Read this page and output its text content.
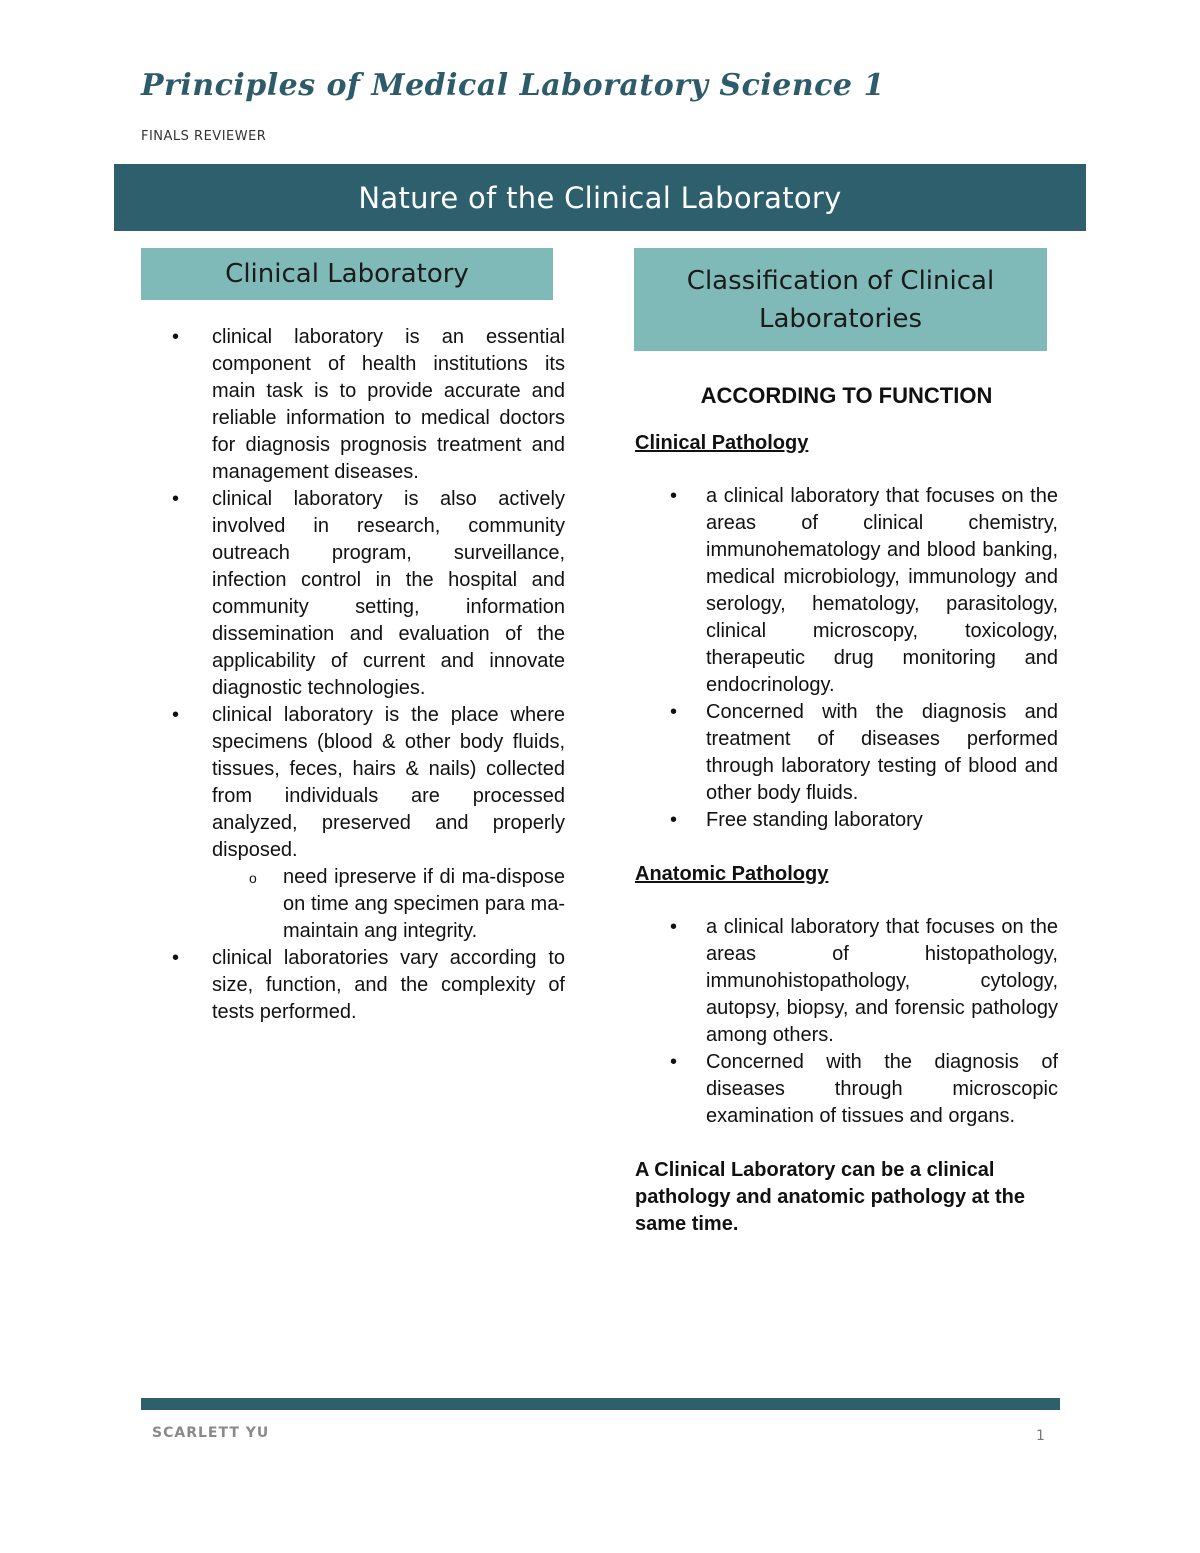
Principles of Medical Laboratory Science 1
FINALS REVIEWER
Nature of the Clinical Laboratory
Clinical Laboratory	Classification of Clinical Laboratories
• clinical laboratory is an essential component of health institutions its main task is to provide accurate and reliable information to medical doctors for diagnosis prognosis treatment and management diseases.
• clinical laboratory is also actively involved in research, community outreach program, surveillance, infection control in the hospital and community setting, information dissemination and evaluation of the applicability of current and innovate diagnostic technologies.
• clinical laboratory is the place where specimens (blood & other body fluids, tissues, feces, hairs & nails) collected from individuals are processed analyzed, preserved and properly disposed.
o need ipreserve if di ma-dispose on time ang specimen para ma-maintain ang integrity.
• clinical laboratories vary according to size, function, and the complexity of tests performed.
ACCORDING TO FUNCTION
Clinical Pathology
• a clinical laboratory that focuses on the areas of clinical chemistry, immunohematology and blood banking, medical microbiology, immunology and serology, hematology, parasitology, clinical microscopy, toxicology, therapeutic drug monitoring and endocrinology.
• Concerned with the diagnosis and treatment of diseases performed through laboratory testing of blood and other body fluids.
• Free standing laboratory
Anatomic Pathology
• a clinical laboratory that focuses on the areas of histopathology, immunohistopathology, cytology, autopsy, biopsy, and forensic pathology among others.
• Concerned with the diagnosis of diseases through microscopic examination of tissues and organs.
A Clinical Laboratory can be a clinical pathology and anatomic pathology at the same time.
SCARLETT YU	1
